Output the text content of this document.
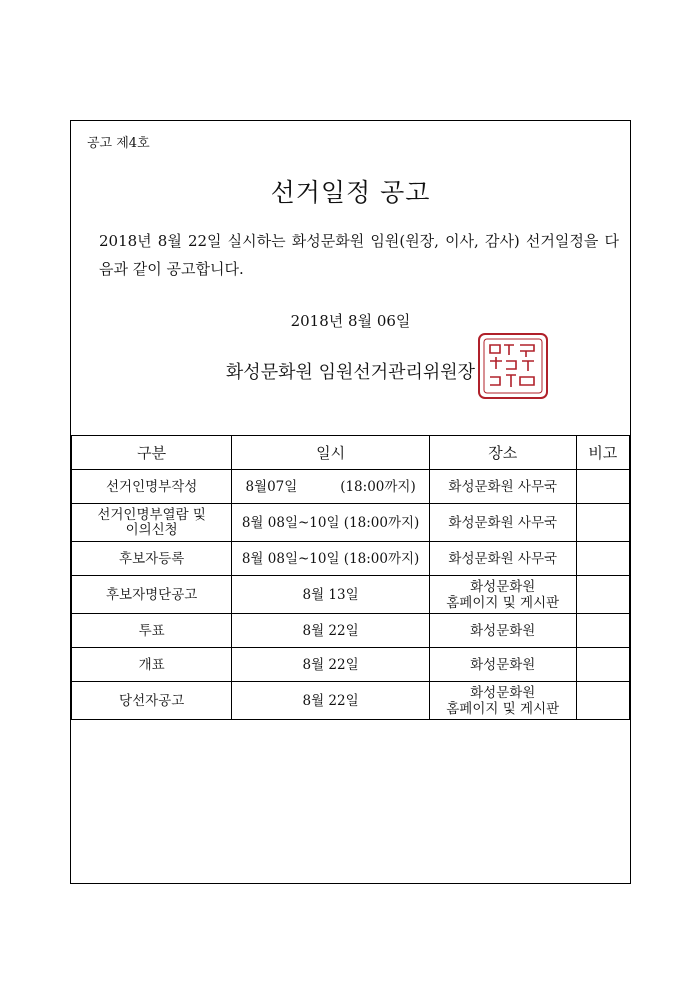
공고 제4호
선거일정 공고
2018년 8월 22일 실시하는 화성문화원 임원(원장, 이사, 감사) 선거일정을 다음과 같이 공고합니다.
2018년 8월 06일
화성문화원 임원선거관리위원장
구분	일시	장소	비고
선거인명부작성	8월07일          (18:00까지)	화성문화원 사무국	
선거인명부열람 및 이의신청	8월 08일~10일 (18:00까지)	화성문화원 사무국	
후보자등록	8월 08일~10일 (18:00까지)	화성문화원 사무국	
후보자명단공고	8월 13일	화성문화원
홈페이지 및 게시판	

투표	8월 22일	화성문화원	
개표	8월 22일	화성문화원	
당선자공고	8월 22일	화성문화원
홈페이지 및 게시판	
